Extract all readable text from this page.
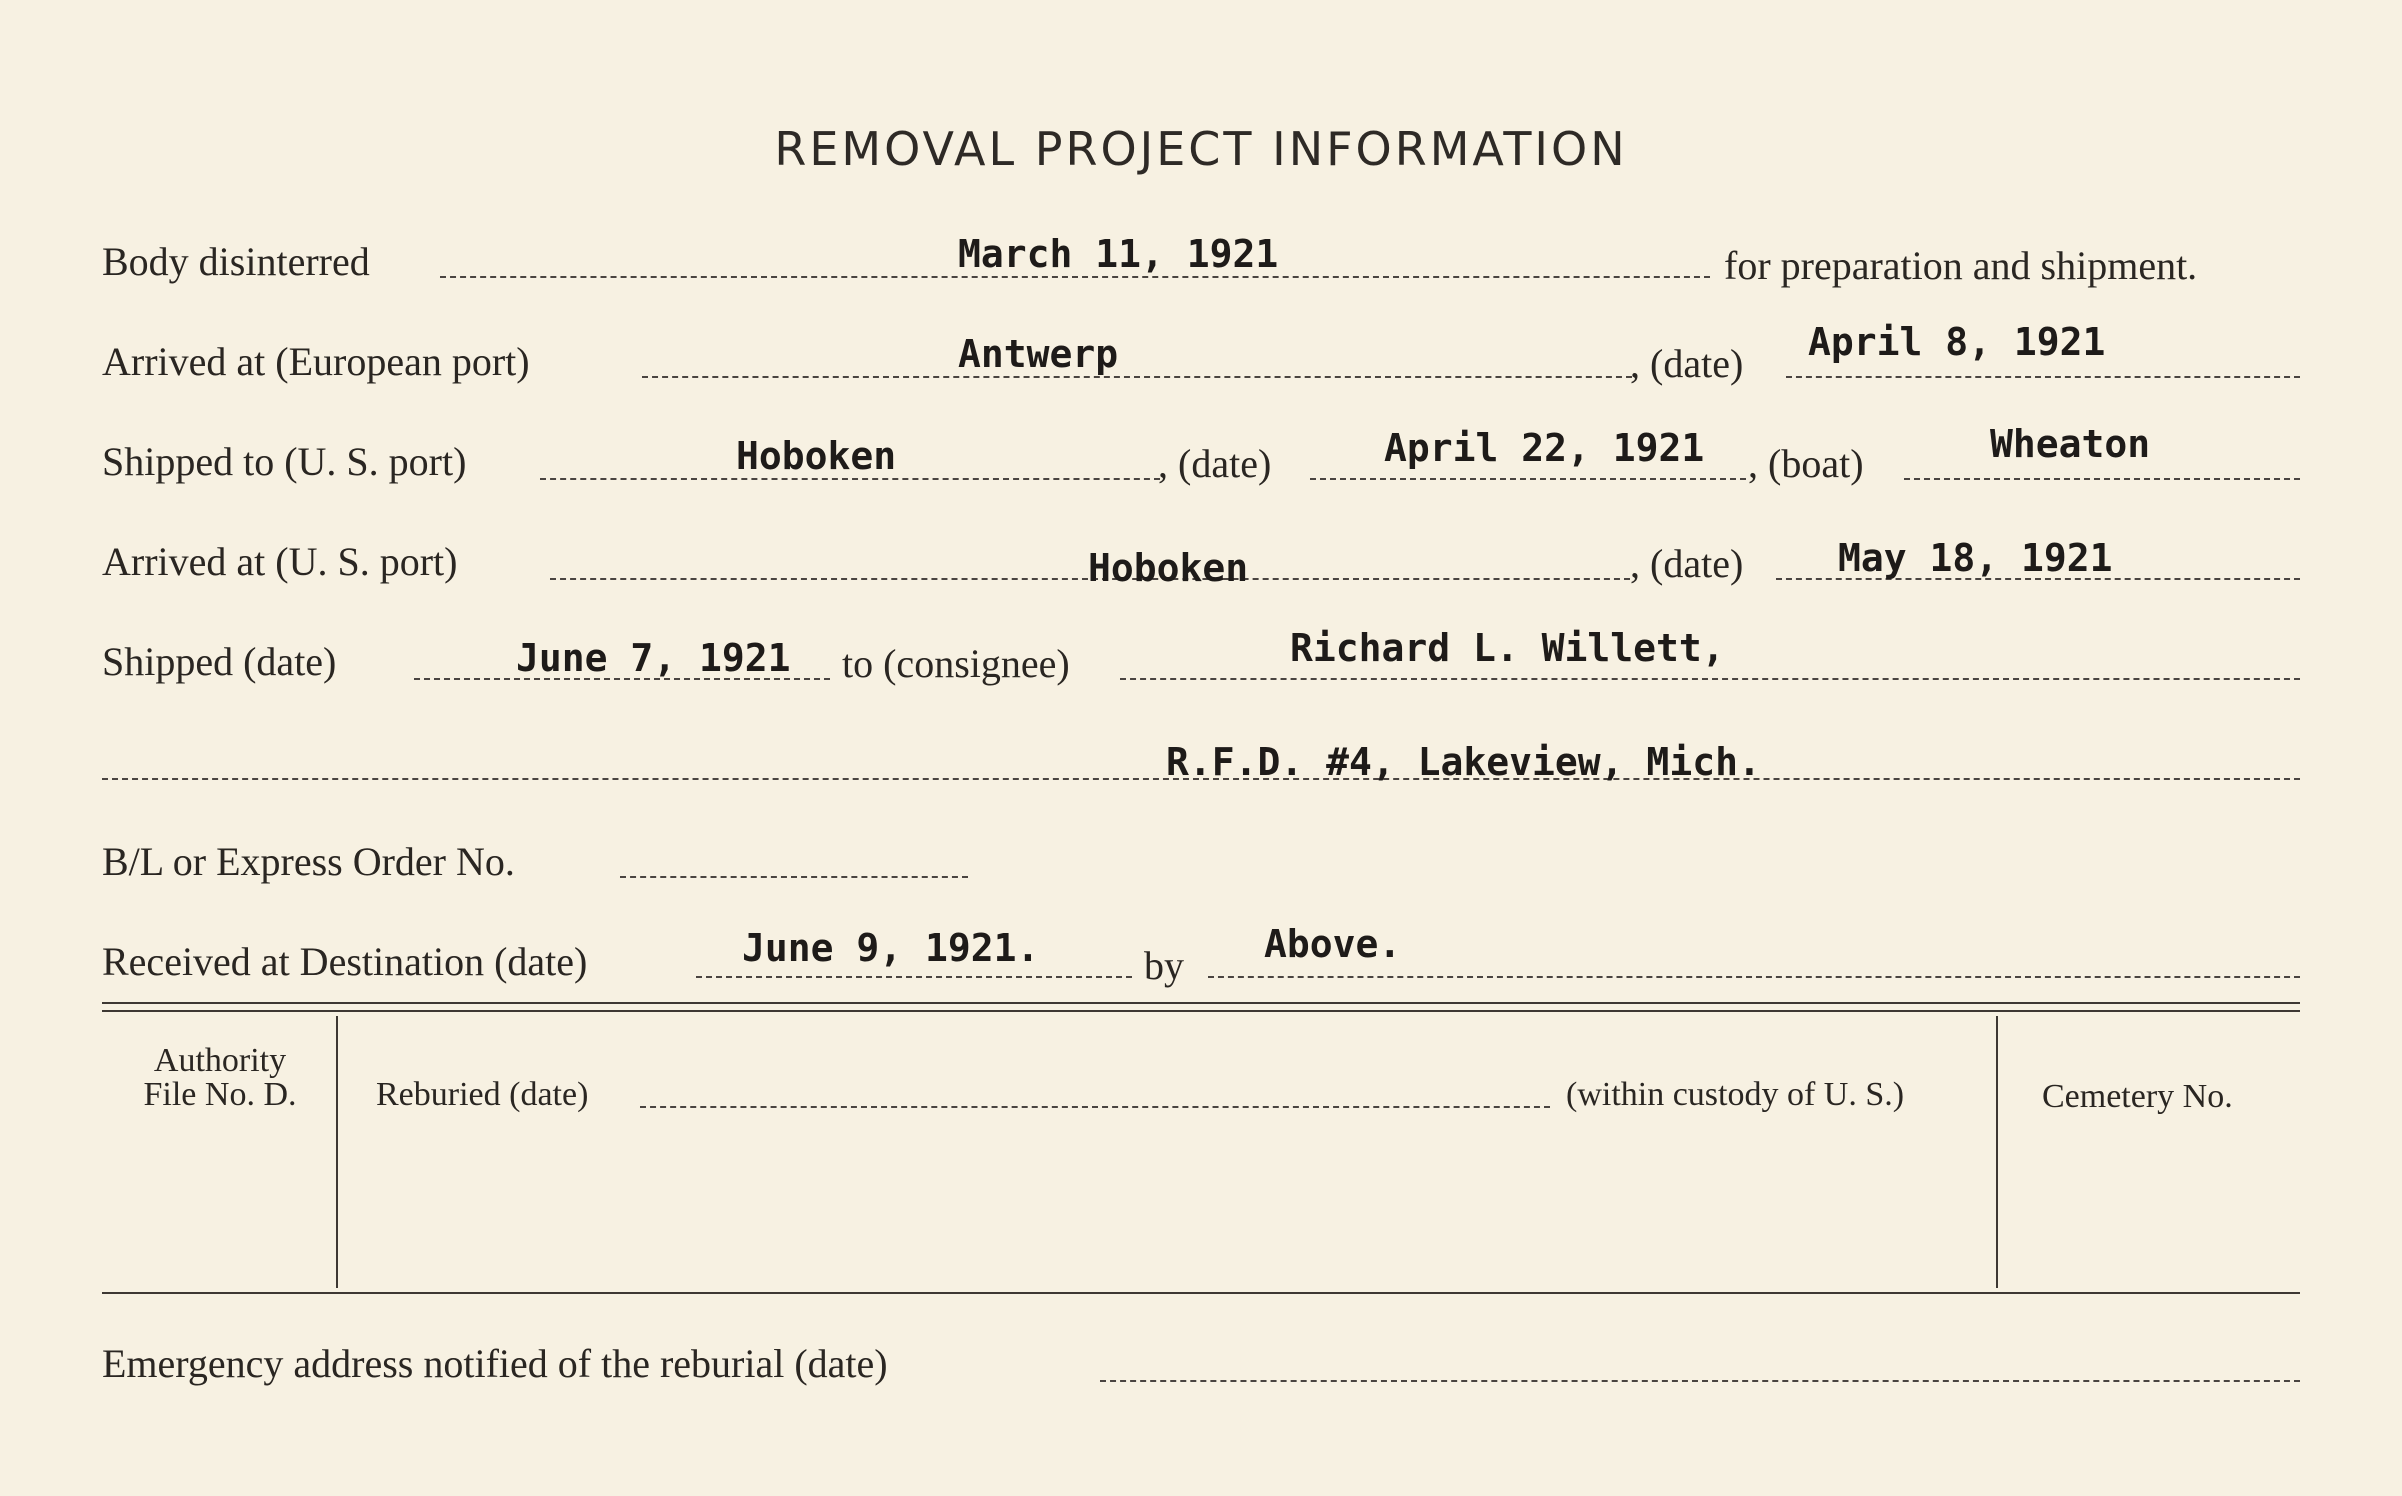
REMOVAL PROJECT INFORMATION
Body disinterred	March 11, 1921	for preparation and shipment.
Arrived at (European port)	Antwerp	, (date) April 8, 1921
Shipped to (U. S. port)	Hoboken	, (date)	April 22, 1921 , (boat)	Wheaton
Arrived at (U. S. port)	Hoboken	, (date) May 18, 1921
Shipped (date)	June 7, 1921 to (consignee)	Richard L. Willett,
R.F.D. #4, Lakeview, Mich.
B/L or Express Order No.
Received at Destination (date)	June 9, 1921.	by Above.
Authority
File No. D.	Reburied (date)	(within custody of U. S.)	Cemetery No.
Emergency address notified of the reburial (date)
